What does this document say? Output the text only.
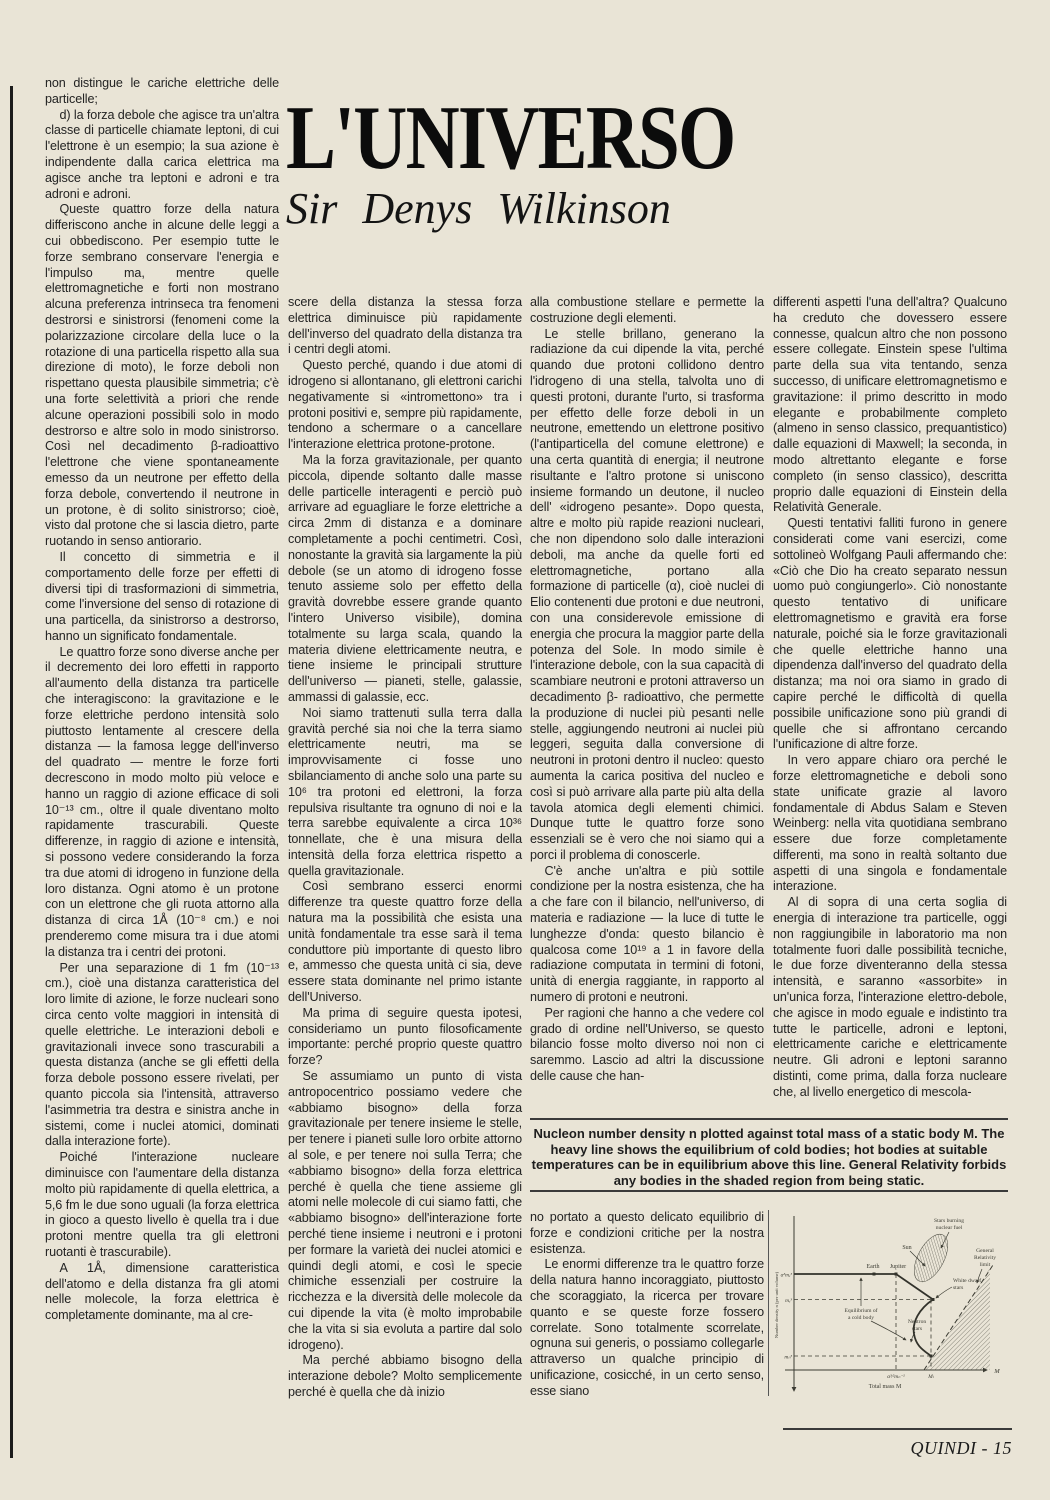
non distingue le cariche elettriche delle particelle;

d) la forza debole che agisce tra un'altra classe di particelle chiamate leptoni, di cui l'elettrone è un esempio; la sua azione è indipendente dalla carica elettrica ma agisce anche tra leptoni e adroni e tra adroni e adroni.

Queste quattro forze della natura differiscono anche in alcune delle leggi a cui obbediscono. Per esempio tutte le forze sembrano conservare l'energia e l'impulso ma, mentre quelle elettromagnetiche e forti non mostrano alcuna preferenza intrinseca tra fenomeni destrorsi e sinistrorsi (fenomeni come la polarizzazione circolare della luce o la rotazione di una particella rispetto alla sua direzione di moto), le forze deboli non rispettano questa plausibile simmetria; c'è una forte selettività a priori che rende alcune operazioni possibili solo in modo destrorso e altre solo in modo sinistrorso. Così nel decadimento β-radioattivo l'elettrone che viene spontaneamente emesso da un neutrone per effetto della forza debole, convertendo il neutrone in un protone, è di solito sinistrorso; cioè, visto dal protone che si lascia dietro, parte ruotando in senso antiorario.

Il concetto di simmetria e il comportamento delle forze per effetti di diversi tipi di trasformazioni di simmetria, come l'inversione del senso di rotazione di una particella, da sinistrorso a destrorso, hanno un significato fondamentale.

Le quattro forze sono diverse anche per il decremento dei loro effetti in rapporto all'aumento della distanza tra particelle che interagiscono: la gravitazione e le forze elettriche perdono intensità solo piuttosto lentamente al crescere della distanza — la famosa legge dell'inverso del quadrato — mentre le forze forti decrescono in modo molto più veloce e hanno un raggio di azione efficace di soli 10⁻¹³ cm., oltre il quale diventano molto rapidamente trascurabili. Queste differenze, in raggio di azione e intensità, si possono vedere considerando la forza tra due atomi di idrogeno in funzione della loro distanza. Ogni atomo è un protone con un elettrone che gli ruota attorno alla distanza di circa 1Å (10⁻⁸ cm.) e noi prenderemo come misura tra i due atomi la distanza tra i centri dei protoni.

Per una separazione di 1 fm (10⁻¹³ cm.), cioè una distanza caratteristica del loro limite di azione, le forze nucleari sono circa cento volte maggiori in intensità di quelle elettriche. Le interazioni deboli e gravitazionali invece sono trascurabili a questa distanza (anche se gli effetti della forza debole possono essere rivelati, per quanto piccola sia l'intensità, attraverso l'asimmetria tra destra e sinistra anche in sistemi, come i nuclei atomici, dominati dalla interazione forte).

Poiché l'interazione nucleare diminuisce con l'aumentare della distanza molto più rapidamente di quella elettrica, a 5,6 fm le due sono uguali (la forza elettrica in gioco a questo livello è quella tra i due protoni mentre quella tra gli elettroni ruotanti è trascurabile).

A 1Å, dimensione caratteristica dell'atomo e della distanza fra gli atomi nelle molecole, la forza elettrica è completamente dominante, ma al cre-

L'UNIVERSO

Sir Denys Wilkinson

scere della distanza la stessa forza elettrica diminuisce più rapidamente dell'inverso del quadrato della distanza tra i centri degli atomi.

Questo perché, quando i due atomi di idrogeno si allontanano, gli elettroni carichi negativamente si «intromettono» tra i protoni positivi e, sempre più rapidamente, tendono a schermare o a cancellare l'interazione elettrica protone-protone.

Ma la forza gravitazionale, per quanto piccola, dipende soltanto dalle masse delle particelle interagenti e perciò può arrivare ad eguagliare le forze elettriche a circa 2mm di distanza e a dominare completamente a pochi centimetri. Così, nonostante la gravità sia largamente la più debole (se un atomo di idrogeno fosse tenuto assieme solo per effetto della gravità dovrebbe essere grande quanto l'intero Universo visibile), domina totalmente su larga scala, quando la materia diviene elettricamente neutra, e tiene insieme le principali strutture dell'universo — pianeti, stelle, galassie, ammassi di galassie, ecc.

Noi siamo trattenuti sulla terra dalla gravità perché sia noi che la terra siamo elettricamente neutri, ma se improvvisamente ci fosse uno sbilanciamento di anche solo una parte su 10⁶ tra protoni ed elettroni, la forza repulsiva risultante tra ognuno di noi e la terra sarebbe equivalente a circa 10³⁶ tonnellate, che è una misura della intensità della forza elettrica rispetto a quella gravitazionale.

Così sembrano esserci enormi differenze tra queste quattro forze della natura ma la possibilità che esista una unità fondamentale tra esse sarà il tema conduttore più importante di questo libro e, ammesso che questa unità ci sia, deve essere stata dominante nel primo istante dell'Universo.

Ma prima di seguire questa ipotesi, consideriamo un punto filosoficamente importante: perché proprio queste quattro forze?

Se assumiamo un punto di vista antropocentrico possiamo vedere che «abbiamo bisogno» della forza gravitazionale per tenere insieme le stelle, per tenere i pianeti sulle loro orbite attorno al sole, e per tenere noi sulla Terra; che «abbiamo bisogno» della forza elettrica perché è quella che tiene assieme gli atomi nelle molecole di cui siamo fatti, che «abbiamo bisogno» dell'interazione forte perché tiene insieme i neutroni e i protoni per formare la varietà dei nuclei atomici e quindi degli atomi, e così le specie chimiche essenziali per costruire la ricchezza e la diversità delle molecole da cui dipende la vita (è molto improbabile che la vita si sia evoluta a partire dal solo idrogeno).

Ma perché abbiamo bisogno della interazione debole? Molto semplicemente perché è quella che dà inizio

alla combustione stellare e permette la costruzione degli elementi.

Le stelle brillano, generano la radiazione da cui dipende la vita, perché quando due protoni collidono dentro l'idrogeno di una stella, talvolta uno di questi protoni, durante l'urto, si trasforma per effetto delle forze deboli in un neutrone, emettendo un elettrone positivo (l'antiparticella del comune elettrone) e una certa quantità di energia; il neutrone risultante e l'altro protone si uniscono insieme formando un deutone, il nucleo dell' «idrogeno pesante». Dopo questa, altre e molto più rapide reazioni nucleari, che non dipendono solo dalle interazioni deboli, ma anche da quelle forti ed elettromagnetiche, portano alla formazione di particelle (α), cioè nuclei di Elio contenenti due protoni e due neutroni, con una considerevole emissione di energia che procura la maggior parte della potenza del Sole. In modo simile è l'interazione debole, con la sua capacità di scambiare neutroni e protoni attraverso un decadimento β- radioattivo, che permette la produzione di nuclei più pesanti nelle stelle, aggiungendo neutroni ai nuclei più leggeri, seguita dalla conversione di neutroni in protoni dentro il nucleo: questo aumenta la carica positiva del nucleo e così si può arrivare alla parte più alta della tavola atomica degli elementi chimici. Dunque tutte le quattro forze sono essenziali se è vero che noi siamo qui a porci il problema di conoscerle.

C'è anche un'altra e più sottile condizione per la nostra esistenza, che ha a che fare con il bilancio, nell'universo, di materia e radiazione — la luce di tutte le lunghezze d'onda: questo bilancio è qualcosa come 10¹⁹ a 1 in favore della radiazione computata in termini di fotoni, unità di energia raggiante, in rapporto al numero di protoni e neutroni.

Per ragioni che hanno a che vedere col grado di ordine nell'Universo, se questo bilancio fosse molto diverso noi non ci saremmo. Lascio ad altri la discussione delle cause che han-

differenti aspetti l'una dell'altra? Qualcuno ha creduto che dovessero essere connesse, qualcun altro che non possono essere collegate. Einstein spese l'ultima parte della sua vita tentando, senza successo, di unificare elettromagnetismo e gravitazione: il primo descritto in modo elegante e probabilmente completo (almeno in senso classico, prequantistico) dalle equazioni di Maxwell; la seconda, in modo altrettanto elegante e forse completo (in senso classico), descritta proprio dalle equazioni di Einstein della Relatività Generale.

Questi tentativi falliti furono in genere considerati come vani esercizi, come sottolineò Wolfgang Pauli affermando che: «Ciò che Dio ha creato separato nessun uomo può congiungerlo». Ciò nonostante questo tentativo di unificare elettromagnetismo e gravità era forse naturale, poiché sia le forze gravitazionali che quelle elettriche hanno una dipendenza dall'inverso del quadrato della distanza; ma noi ora siamo in grado di capire perché le difficoltà di quella possibile unificazione sono più grandi di quelle che si affrontano cercando l'unificazione di altre forze.

In vero appare chiaro ora perché le forze elettromagnetiche e deboli sono state unificate grazie al lavoro fondamentale di Abdus Salam e Steven Weinberg: nella vita quotidiana sembrano essere due forze completamente differenti, ma sono in realtà soltanto due aspetti di una singola e fondamentale interazione.

Al di sopra di una certa soglia di energia di interazione tra particelle, oggi non raggiungibile in laboratorio ma non totalmente fuori dalle possibilità tecniche, le due forze diventeranno della stessa intensità, e saranno «assorbite» in un'unica forza, l'interazione elettro-debole, che agisce in modo eguale e indistinto tra tutte le particelle, adroni e leptoni, elettricamente cariche e elettricamente neutre. Gli adroni e leptoni saranno distinti, come prima, dalla forza nucleare che, al livello energetico di mescola-

Nucleon number density n plotted against total mass of a static body M. The heavy line shows the equilibrium of cold bodies; hot bodies at suitable temperatures can be in equilibrium above this line. General Relativity forbids any bodies in the shaded region from being static.

no portato a questo delicato equilibrio di forze e condizioni critiche per la nostra esistenza.

Le enormi differenze tra le quattro forze della natura hanno incoraggiato, piuttosto che scoraggiato, la ricerca per trovare quanto e se queste forze fossero correlate. Sono totalmente scorrelate, ognuna sui generis, o possiamo collegarle attraverso un qualche principio di unificazione, cosicché, in un certo senso, esse siano

M
Number density n (per unit volume)
Earth Jupiter
Sun
Stars burning
nuclear fuel
White dwarf
stars
Neutron
stars
General
Relativity
limit
Equilibrium of
a cold body
α³mₑ³
mₑ³
mₙ³
α³⁄²mₙ⁻²	Mₗ
Total mass M
QUINDI - 15
